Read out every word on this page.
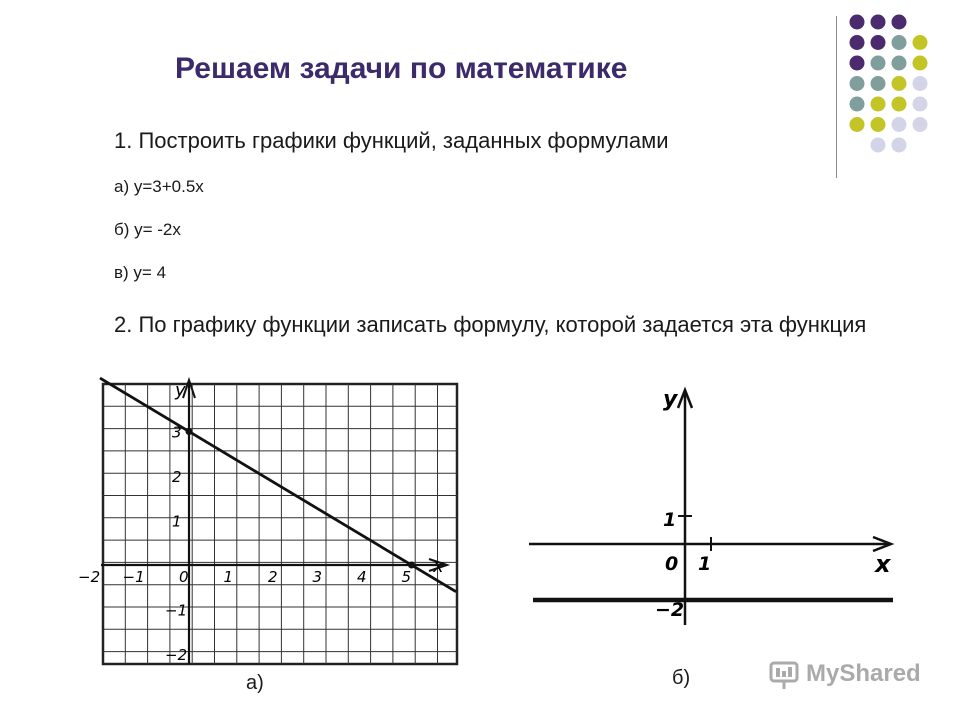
Решаем задачи по математике
1. Построить графики функций, заданных формулами
а) у=3+0.5х
б) у= -2х
в) у= 4
2. По графику функции записать формулу, которой задается эта функция
y
x
−2 −1 0 1 2 3 4 5
3
2
1
−1
−2
y
x
0 1
1
−2
а)	б)	MyShared
